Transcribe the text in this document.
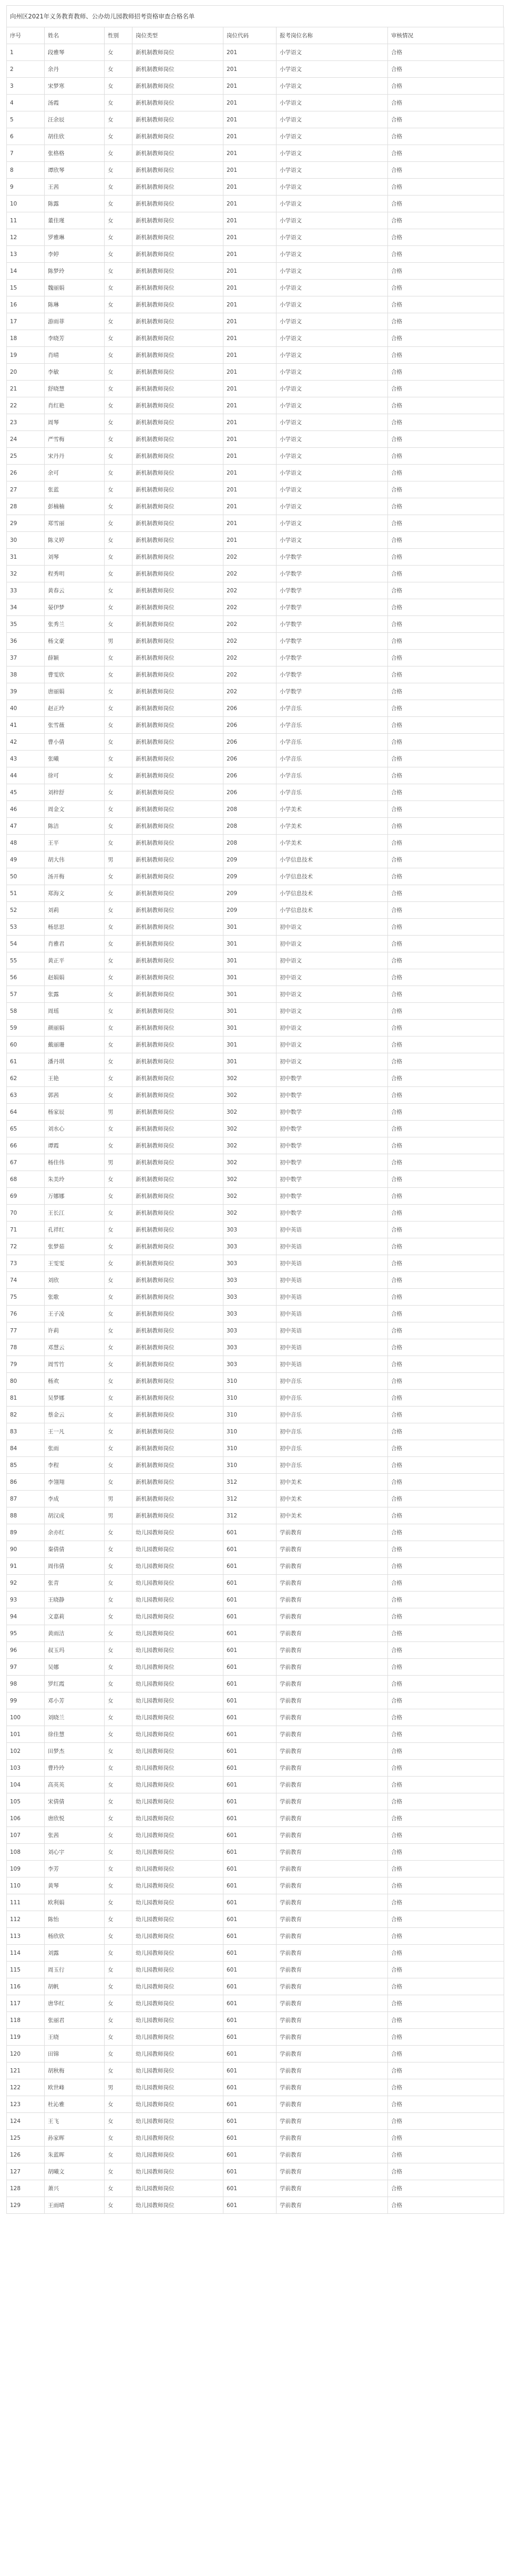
向州区2021年义务教育教师、公办幼儿园教师招考资格审查合格名单
序号	姓名	性别	岗位类型	岗位代码	报考岗位名称	审核情况
1	段雅琴	女	新机制教师岗位	201	小学语文	合格
2	余丹	女	新机制教师岗位	201	小学语文	合格
3	宋梦寒	女	新机制教师岗位	201	小学语文	合格
4	汤霞	女	新机制教师岗位	201	小学语文	合格
5	汪余辰	女	新机制教师岗位	201	小学语文	合格
6	胡佳欣	女	新机制教师岗位	201	小学语文	合格
7	张格格	女	新机制教师岗位	201	小学语文	合格
8	谭欣琴	女	新机制教师岗位	201	小学语文	合格
9	王茜	女	新机制教师岗位	201	小学语文	合格
10	陈露	女	新机制教师岗位	201	小学语文	合格
11	董佳瑾	女	新机制教师岗位	201	小学语文	合格
12	罗雅琳	女	新机制教师岗位	201	小学语文	合格
13	李婷	女	新机制教师岗位	201	小学语文	合格
14	陈梦玲	女	新机制教师岗位	201	小学语文	合格
15	魏丽娟	女	新机制教师岗位	201	小学语文	合格
16	陈琳	女	新机制教师岗位	201	小学语文	合格
17	游雨菲	女	新机制教师岗位	201	小学语文	合格
18	李晓芳	女	新机制教师岗位	201	小学语文	合格
19	肖晴	女	新机制教师岗位	201	小学语文	合格
20	李敏	女	新机制教师岗位	201	小学语文	合格
21	舒晓慧	女	新机制教师岗位	201	小学语文	合格
22	肖红艳	女	新机制教师岗位	201	小学语文	合格
23	周琴	女	新机制教师岗位	201	小学语文	合格
24	严雪梅	女	新机制教师岗位	201	小学语文	合格
25	宋丹丹	女	新机制教师岗位	201	小学语文	合格
26	余可	女	新机制教师岗位	201	小学语文	合格
27	张蓝	女	新机制教师岗位	201	小学语文	合格
28	彭楠楠	女	新机制教师岗位	201	小学语文	合格
29	郑雪丽	女	新机制教师岗位	201	小学语文	合格
30	陈义婷	女	新机制教师岗位	201	小学语文	合格
31	刘琴	女	新机制教师岗位	202	小学数学	合格
32	程秀明	女	新机制教师岗位	202	小学数学	合格
33	黄春云	女	新机制教师岗位	202	小学数学	合格
34	晏伊梦	女	新机制教师岗位	202	小学数学	合格
35	张秀兰	女	新机制教师岗位	202	小学数学	合格
36	杨文豪	男	新机制教师岗位	202	小学数学	合格
37	薛颖	女	新机制教师岗位	202	小学数学	合格
38	曹雯欣	女	新机制教师岗位	202	小学数学	合格
39	唐丽娟	女	新机制教师岗位	202	小学数学	合格
40	赵正玲	女	新机制教师岗位	206	小学音乐	合格
41	张雪薇	女	新机制教师岗位	206	小学音乐	合格
42	曹小倩	女	新机制教师岗位	206	小学音乐	合格
43	张曦	女	新机制教师岗位	206	小学音乐	合格
44	徐可	女	新机制教师岗位	206	小学音乐	合格
45	刘梓舒	女	新机制教师岗位	206	小学音乐	合格
46	周金文	女	新机制教师岗位	208	小学美术	合格
47	陈洁	女	新机制教师岗位	208	小学美术	合格
48	王平	女	新机制教师岗位	208	小学美术	合格
49	胡大伟	男	新机制教师岗位	209	小学信息技术	合格
50	汤开梅	女	新机制教师岗位	209	小学信息技术	合格
51	郑海文	女	新机制教师岗位	209	小学信息技术	合格
52	刘莉	女	新机制教师岗位	209	小学信息技术	合格
53	杨思思	女	新机制教师岗位	301	初中语文	合格
54	肖雅君	女	新机制教师岗位	301	初中语文	合格
55	黄正平	女	新机制教师岗位	301	初中语文	合格
56	赵娟娟	女	新机制教师岗位	301	初中语文	合格
57	张露	女	新机制教师岗位	301	初中语文	合格
58	周瑶	女	新机制教师岗位	301	初中语文	合格
59	颜丽娟	女	新机制教师岗位	301	初中语文	合格
60	戴丽珊	女	新机制教师岗位	301	初中语文	合格
61	潘丹琪	女	新机制教师岗位	301	初中语文	合格
62	王艳	女	新机制教师岗位	302	初中数学	合格
63	郭茜	女	新机制教师岗位	302	初中数学	合格
64	杨家辰	男	新机制教师岗位	302	初中数学	合格
65	刘水心	女	新机制教师岗位	302	初中数学	合格
66	谭霞	女	新机制教师岗位	302	初中数学	合格
67	杨佳伟	男	新机制教师岗位	302	初中数学	合格
68	朱美玲	女	新机制教师岗位	302	初中数学	合格
69	万娜娜	女	新机制教师岗位	302	初中数学	合格
70	王长江	女	新机制教师岗位	302	初中数学	合格
71	孔祥红	女	新机制教师岗位	303	初中英语	合格
72	张梦茹	女	新机制教师岗位	303	初中英语	合格
73	王雯雯	女	新机制教师岗位	303	初中英语	合格
74	刘欣	女	新机制教师岗位	303	初中英语	合格
75	张歌	女	新机制教师岗位	303	初中英语	合格
76	王子凌	女	新机制教师岗位	303	初中英语	合格
77	许莉	女	新机制教师岗位	303	初中英语	合格
78	邓慧云	女	新机制教师岗位	303	初中英语	合格
79	周雪竹	女	新机制教师岗位	303	初中英语	合格
80	杨欢	女	新机制教师岗位	310	初中音乐	合格
81	吴梦娜	女	新机制教师岗位	310	初中音乐	合格
82	蔡金云	女	新机制教师岗位	310	初中音乐	合格
83	王一凡	女	新机制教师岗位	310	初中音乐	合格
84	张雨	女	新机制教师岗位	310	初中音乐	合格
85	李程	女	新机制教师岗位	310	初中音乐	合格
86	李翎翔	女	新机制教师岗位	312	初中美术	合格
87	李成	男	新机制教师岗位	312	初中美术	合格
88	胡汉成	男	新机制教师岗位	312	初中美术	合格
89	余亦红	女	幼儿园教师岗位	601	学前教育	合格
90	秦倩倩	女	幼儿园教师岗位	601	学前教育	合格
91	周伟倩	女	幼儿园教师岗位	601	学前教育	合格
92	张青	女	幼儿园教师岗位	601	学前教育	合格
93	王晓静	女	幼儿园教师岗位	601	学前教育	合格
94	文嘉莉	女	幼儿园教师岗位	601	学前教育	合格
95	黄雨洁	女	幼儿园教师岗位	601	学前教育	合格
96	叔玉玛	女	幼儿园教师岗位	601	学前教育	合格
97	吴娜	女	幼儿园教师岗位	601	学前教育	合格
98	罗红霞	女	幼儿园教师岗位	601	学前教育	合格
99	邓小芳	女	幼儿园教师岗位	601	学前教育	合格
100	刘晓兰	女	幼儿园教师岗位	601	学前教育	合格
101	徐佳慧	女	幼儿园教师岗位	601	学前教育	合格
102	田梦杰	女	幼儿园教师岗位	601	学前教育	合格
103	曹玲玲	女	幼儿园教师岗位	601	学前教育	合格
104	高英英	女	幼儿园教师岗位	601	学前教育	合格
105	宋倩倩	女	幼儿园教师岗位	601	学前教育	合格
106	唐欣悦	女	幼儿园教师岗位	601	学前教育	合格
107	张茜	女	幼儿园教师岗位	601	学前教育	合格
108	刘心宇	女	幼儿园教师岗位	601	学前教育	合格
109	李芳	女	幼儿园教师岗位	601	学前教育	合格
110	黄琴	女	幼儿园教师岗位	601	学前教育	合格
111	欧利娟	女	幼儿园教师岗位	601	学前教育	合格
112	陈怡	女	幼儿园教师岗位	601	学前教育	合格
113	杨欣欣	女	幼儿园教师岗位	601	学前教育	合格
114	刘露	女	幼儿园教师岗位	601	学前教育	合格
115	周玉行	女	幼儿园教师岗位	601	学前教育	合格
116	胡帆	女	幼儿园教师岗位	601	学前教育	合格
117	唐华红	女	幼儿园教师岗位	601	学前教育	合格
118	张丽君	女	幼儿园教师岗位	601	学前教育	合格
119	王晓	女	幼儿园教师岗位	601	学前教育	合格
120	田锦	女	幼儿园教师岗位	601	学前教育	合格
121	胡秋梅	女	幼儿园教师岗位	601	学前教育	合格
122	欧世峰	男	幼儿园教师岗位	601	学前教育	合格
123	杜沁雅	女	幼儿园教师岗位	601	学前教育	合格
124	王飞	女	幼儿园教师岗位	601	学前教育	合格
125	孙家晖	女	幼儿园教师岗位	601	学前教育	合格
126	朱蓝晖	女	幼儿园教师岗位	601	学前教育	合格
127	胡曦文	女	幼儿园教师岗位	601	学前教育	合格
128	萧兴	女	幼儿园教师岗位	601	学前教育	合格
129	王雨晴	女	幼儿园教师岗位	601	学前教育	合格
